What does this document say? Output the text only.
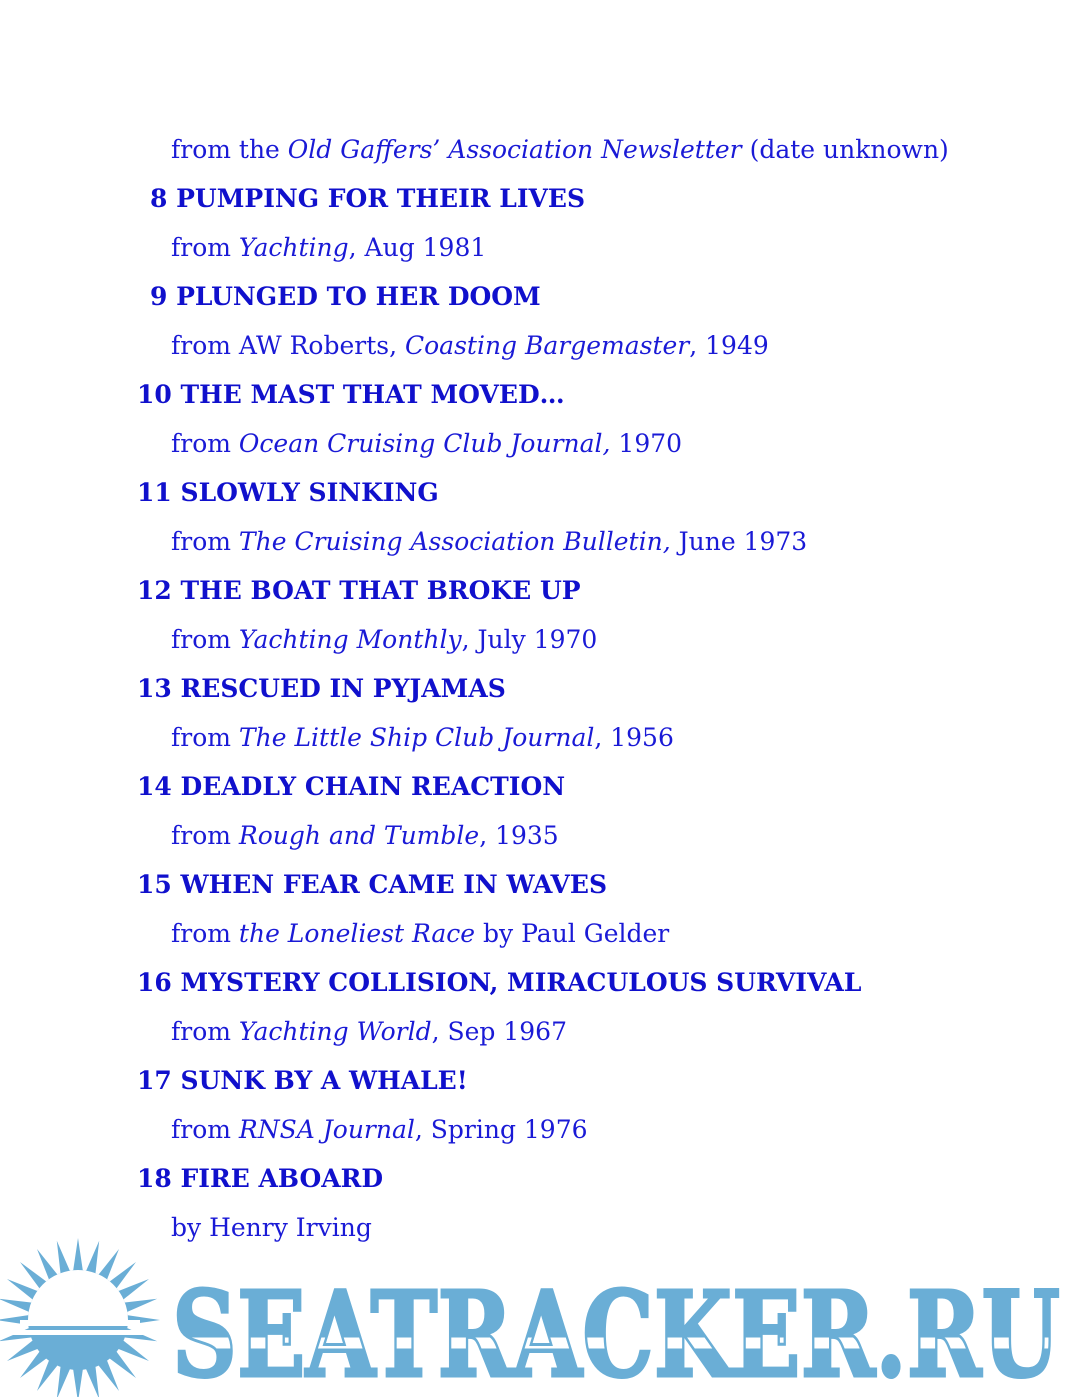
from the Old Gaffers’ Association Newsletter (date unknown)
8 PUMPING FOR THEIR LIVES
from Yachting, Aug 1981
9 PLUNGED TO HER DOOM
from AW Roberts, Coasting Bargemaster, 1949
10 THE MAST THAT MOVED…
from Ocean Cruising Club Journal, 1970
11 SLOWLY SINKING
from The Cruising Association Bulletin, June 1973
12 THE BOAT THAT BROKE UP
from Yachting Monthly, July 1970
13 RESCUED IN PYJAMAS
from The Little Ship Club Journal, 1956
14 DEADLY CHAIN REACTION
from Rough and Tumble, 1935
15 WHEN FEAR CAME IN WAVES
from the Loneliest Race by Paul Gelder
16 MYSTERY COLLISION, MIRACULOUS SURVIVAL
from Yachting World, Sep 1967
17 SUNK BY A WHALE!
from RNSA Journal, Spring 1976
18 FIRE ABOARD
by Henry Irving
SEATRACKER.RU
